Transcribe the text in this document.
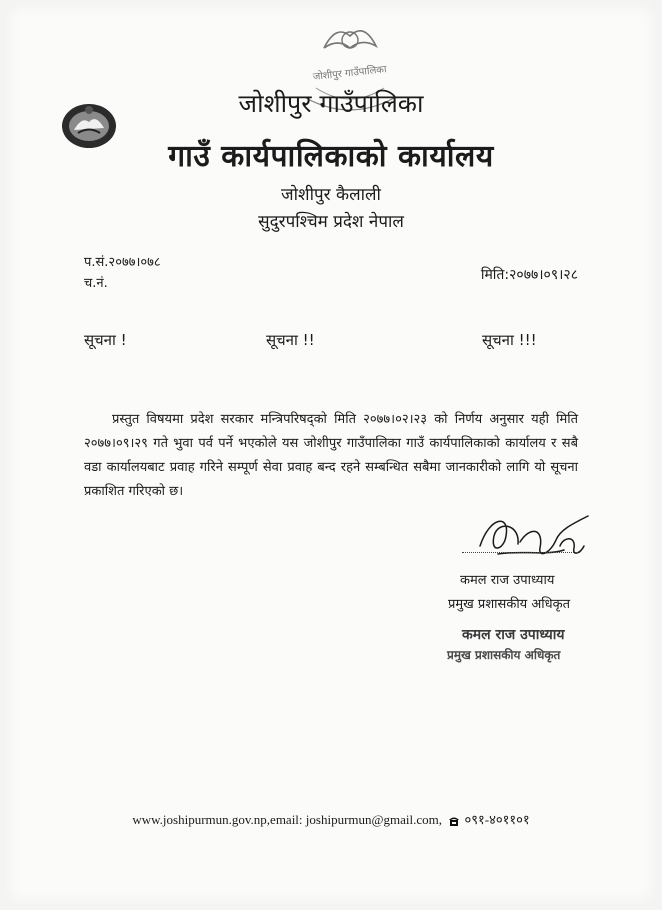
जोशीपुर गाउँपालिका
जोशीपुर गाउँपालिका
गाउँ कार्यपालिकाको कार्यालय
जोशीपुर कैलाली
सुदुरपश्चिम प्रदेश नेपाल
प.सं.२०७७।०७८
च.नं.
मिति:२०७७।०९।२८
सूचना !	सूचना !!	सूचना !!!
प्रस्तुत विषयमा प्रदेश सरकार मन्त्रिपरिषद्को मिति २०७७।०२।२३ को निर्णय अनुसार यही मिति २०७७।०९।२९ गते भुवा पर्व पर्ने भएकोले यस जोशीपुर गाउँपालिका गाउँ कार्यपालिकाको कार्यालय र सबै वडा कार्यालयबाट प्रवाह गरिने सम्पूर्ण सेवा प्रवाह बन्द रहने सम्बन्धित सबैमा जानकारीको लागि यो सूचना प्रकाशित गरिएको छ।
कमल राज उपाध्याय
प्रमुख प्रशासकीय अधिकृत
कमल राज उपाध्याय
प्रमुख प्रशासकीय अधिकृत
www.joshipurmun.gov.np,email: joshipurmun@gmail.com, ०९१-४०११०१
